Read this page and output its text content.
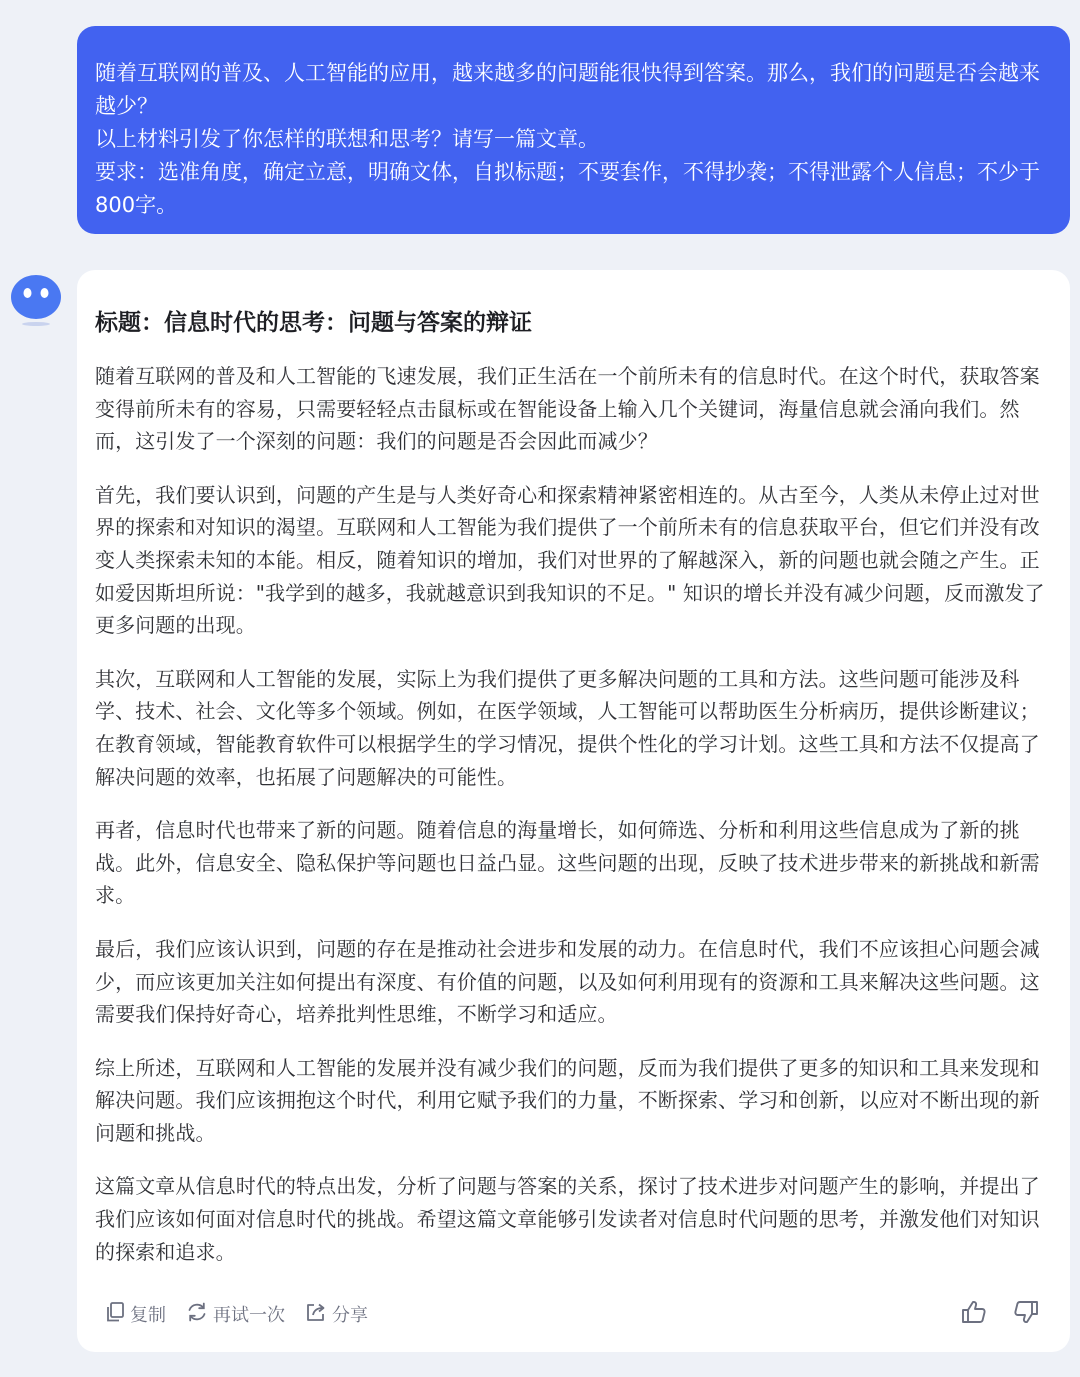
随着互联网的普及、人工智能的应用，越来越多的问题能很快得到答案。那么，我们的问题是否会越来越少？

以上材料引发了你怎样的联想和思考？请写一篇文章。

要求：选准角度，确定立意，明确文体，自拟标题；不要套作，不得抄袭；不得泄露个人信息；不少于800字。

标题：信息时代的思考：问题与答案的辩证

随着互联网的普及和人工智能的飞速发展，我们正生活在一个前所未有的信息时代。在这个时代，获取答案变得前所未有的容易，只需要轻轻点击鼠标或在智能设备上输入几个关键词，海量信息就会涌向我们。然而，这引发了一个深刻的问题：我们的问题是否会因此而减少？

首先，我们要认识到，问题的产生是与人类好奇心和探索精神紧密相连的。从古至今，人类从未停止过对世界的探索和对知识的渴望。互联网和人工智能为我们提供了一个前所未有的信息获取平台，但它们并没有改变人类探索未知的本能。相反，随着知识的增加，我们对世界的了解越深入，新的问题也就会随之产生。正如爱因斯坦所说："我学到的越多，我就越意识到我知识的不足。" 知识的增长并没有减少问题，反而激发了更多问题的出现。

其次，互联网和人工智能的发展，实际上为我们提供了更多解决问题的工具和方法。这些问题可能涉及科学、技术、社会、文化等多个领域。例如，在医学领域，人工智能可以帮助医生分析病历，提供诊断建议；在教育领域，智能教育软件可以根据学生的学习情况，提供个性化的学习计划。这些工具和方法不仅提高了解决问题的效率，也拓展了问题解决的可能性。

再者，信息时代也带来了新的问题。随着信息的海量增长，如何筛选、分析和利用这些信息成为了新的挑战。此外，信息安全、隐私保护等问题也日益凸显。这些问题的出现，反映了技术进步带来的新挑战和新需求。

最后，我们应该认识到，问题的存在是推动社会进步和发展的动力。在信息时代，我们不应该担心问题会减少，而应该更加关注如何提出有深度、有价值的问题，以及如何利用现有的资源和工具来解决这些问题。这需要我们保持好奇心，培养批判性思维，不断学习和适应。

综上所述，互联网和人工智能的发展并没有减少我们的问题，反而为我们提供了更多的知识和工具来发现和解决问题。我们应该拥抱这个时代，利用它赋予我们的力量，不断探索、学习和创新，以应对不断出现的新问题和挑战。

这篇文章从信息时代的特点出发，分析了问题与答案的关系，探讨了技术进步对问题产生的影响，并提出了我们应该如何面对信息时代的挑战。希望这篇文章能够引发读者对信息时代问题的思考，并激发他们对知识的探索和追求。

复制	再试一次	分享
